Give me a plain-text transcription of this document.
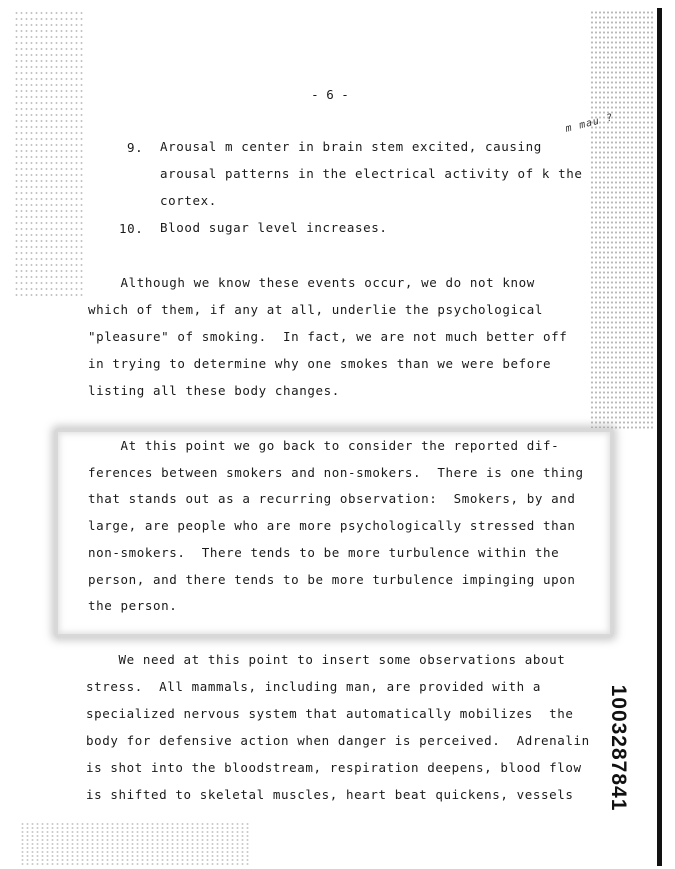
- 6 -
m mau ?
9. Arousal m center in brain stem excited, causing
arousal patterns in the electrical activity of k the
cortex.
10. Blood sugar level increases.
Although we know these events occur, we do not know
which of them, if any at all, underlie the psychological
"pleasure" of smoking.  In fact, we are not much better off
in trying to determine why one smokes than we were before
listing all these body changes.
At this point we go back to consider the reported dif-
ferences between smokers and non-smokers.  There is one thing
that stands out as a recurring observation:  Smokers, by and
large, are people who are more psychologically stressed than
non-smokers.  There tends to be more turbulence within the
person, and there tends to be more turbulence impinging upon
the person.
We need at this point to insert some observations about
stress.  All mammals, including man, are provided with a
specialized nervous system that automatically mobilizes  the
body for defensive action when danger is perceived.  Adrenalin
is shot into the bloodstream, respiration deepens, blood flow
is shifted to skeletal muscles, heart beat quickens, vessels 1003287841
